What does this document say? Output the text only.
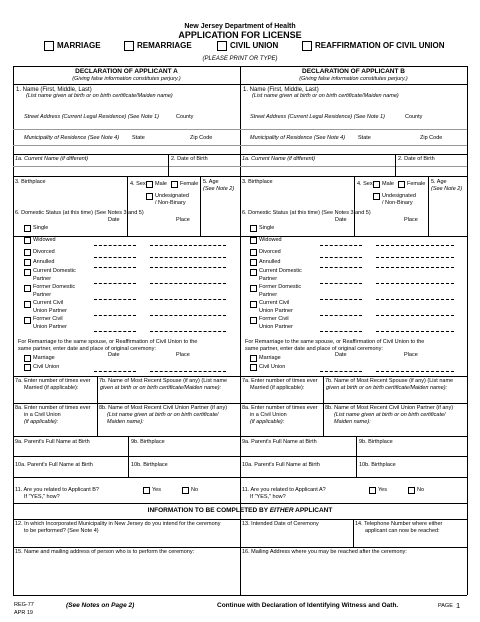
New Jersey Department of Health
APPLICATION FOR LICENSE
MARRIAGE	REMARRIAGE	CIVIL UNION	REAFFIRMATION OF CIVIL UNION
(PLEASE PRINT OR TYPE)
DECLARATION OF APPLICANT A
(Giving false information constitutes perjury.)
1. Name (First, Middle, Last)
(List name given at birth or on birth certificate/Maiden name)
Street Address (Current Legal Residence) (See Note 1)	County
Municipality of Residence (See Note 4) State	Zip Code
1a. Current Name (if different)	2. Date of Birth
3. Birthplace	4. Sex Male Female
Undesignated
/ Non-Binary
5. Age
(See Note 2)
6. Domestic Status (at this time) (See Notes 3 and 5)
Date	Place
Single
Widowed
Divorced
Annulled
Current Domestic
Partner
Former Domestic
Partner
Current Civil
Union Partner
Former Civil
Union Partner
For Remarriage to the same spouse, or Reaffirmation of Civil Union to the
same partner, enter date and place of original ceremony:
Date	Place
Marriage
Civil Union
7a. Enter number of times ever
Married (if applicable):
7b. Name of Most Recent Spouse (if any) (List name
given at birth or on birth certificate/Maiden name):
8a. Enter number of times ever
in a Civil Union
(if applicable):
8b. Name of Most Recent Civil Union Partner (if any)
(List name given at birth or on birth certificate/
Maiden name):
9a. Parent's Full Name at Birth	9b. Birthplace
10a. Parent's Full Name at Birth	10b. Birthplace
11. Are you related to Applicant B?
If "YES," how?
Yes	No
DECLARATION OF APPLICANT B
(Giving false information constitutes perjury.)
1. Name (First, Middle, Last)
(List name given at birth or on birth certificate/Maiden name)
Street Address (Current Legal Residence) (See Note 1)	County
Municipality of Residence (See Note 4) State	Zip Code
1a. Current Name (if different)	2. Date of Birth
3. Birthplace	4. Sex Male Female
Undesignated
/ Non-Binary
5. Age
(See Note 2)
6. Domestic Status (at this time) (See Notes 3 and 5)
Date	Place
Single
Widowed
Divorced
Annulled
Current Domestic
Partner
Former Domestic
Partner
Current Civil
Union Partner
Former Civil
Union Partner
For Remarriage to the same spouse, or Reaffirmation of Civil Union to the
same partner, enter date and place of original ceremony:
Date	Place
Marriage
Civil Union
7a. Enter number of times ever
Married (if applicable):
7b. Name of Most Recent Spouse (if any) (List name
given at birth or on birth certificate/Maiden name):
8a. Enter number of times ever
in a Civil Union
(if applicable):
8b. Name of Most Recent Civil Union Partner (if any)
(List name given at birth or on birth certificate/
Maiden name):
9a. Parent's Full Name at Birth	9b. Birthplace
10a. Parent's Full Name at Birth	10b. Birthplace
11. Are you related to Applicant A?
If "YES," how?
Yes	No
INFORMATION TO BE COMPLETED BY EITHER APPLICANT
12. In which Incorporated Municipality in New Jersey do you intend for the ceremony
to be performed? (See Note 4)
13. Intended Date of Ceremony	14. Telephone Number where either
applicant can now be reached:
15. Name and mailing address of person who is to perform the ceremony:	16. Mailing Address where you may be reached after the ceremony:
REG-77
APR 19
(See Notes on Page 2)	Continue with Declaration of Identifying Witness and Oath.	PAGE 1
